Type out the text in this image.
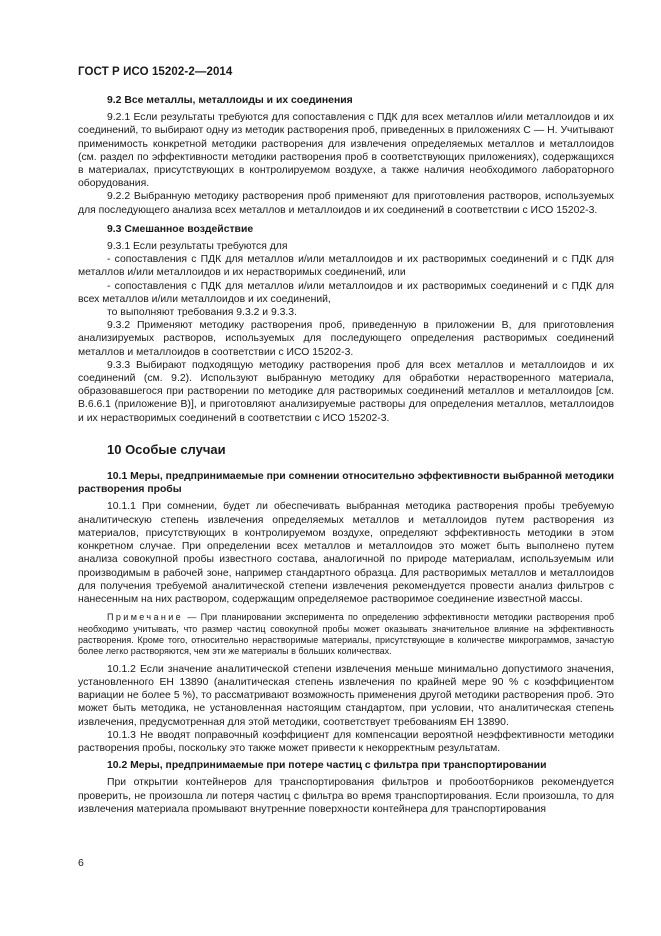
ГОСТ Р ИСО 15202-2—2014

9.2 Все металлы, металлоиды и их соединения

9.2.1 Если результаты требуются для сопоставления с ПДК для всех металлов и/или металлоидов и их соединений, то выбирают одну из методик растворения проб, приведенных в приложениях С — Н. Учитывают применимость конкретной методики растворения для извлечения определяемых металлов и металлоидов (см. раздел по эффективности методики растворения проб в соответствующих приложениях), содержащихся в материалах, присутствующих в контролируемом воздухе, а также наличия необходимого лабораторного оборудования.

9.2.2 Выбранную методику растворения проб применяют для приготовления растворов, используемых для последующего анализа всех металлов и металлоидов и их соединений в соответствии с ИСО 15202-3.

9.3 Смешанное воздействие

9.3.1 Если результаты требуются для

- сопоставления с ПДК для металлов и/или металлоидов и их растворимых соединений и с ПДК для металлов и/или металлоидов и их нерастворимых соединений, или

- сопоставления с ПДК для металлов и/или металлоидов и их растворимых соединений и с ПДК для всех металлов и/или металлоидов и их соединений,

то выполняют требования 9.3.2 и 9.3.3.

9.3.2 Применяют методику растворения проб, приведенную в приложении В, для приготовления анализируемых растворов, используемых для последующего определения растворимых соединений металлов и металлоидов в соответствии с ИСО 15202-3.

9.3.3 Выбирают подходящую методику растворения проб для всех металлов и металлоидов и их соединений (см. 9.2). Используют выбранную методику для обработки нерастворенного материала, образовавшегося при растворении по методике для растворимых соединений металлов и металлоидов [см. В.6.6.1 (приложение В)], и приготовляют анализируемые растворы для определения металлов, металлоидов и их нерастворимых соединений в соответствии с ИСО 15202-3.

10 Особые случаи

10.1 Меры, предпринимаемые при сомнении относительно эффективности выбранной методики растворения пробы

10.1.1 При сомнении, будет ли обеспечивать выбранная методика растворения пробы требуемую аналитическую степень извлечения определяемых металлов и металлоидов путем растворения из материалов, присутствующих в контролируемом воздухе, определяют эффективность методики в этом конкретном случае. При определении всех металлов и металлоидов это может быть выполнено путем анализа совокупной пробы известного состава, аналогичной по природе материалам, используемым или производимым в рабочей зоне, например стандартного образца. Для растворимых металлов и металлоидов для получения требуемой аналитической степени извлечения рекомендуется провести анализ фильтров с нанесенным на них раствором, содержащим определяемое растворимое соединение известной массы.

Примечание — При планировании эксперимента по определению эффективности методики растворения проб необходимо учитывать, что размер частиц совокупной пробы может оказывать значительное влияние на эффективность растворения. Кроме того, относительно нерастворимые материалы, присутствующие в количестве микрограммов, зачастую более легко растворяются, чем эти же материалы в больших количествах.

10.1.2 Если значение аналитической степени извлечения меньше минимально допустимого значения, установленного ЕН 13890 (аналитическая степень извлечения по крайней мере 90 % с коэффициентом вариации не более 5 %), то рассматривают возможность применения другой методики растворения проб. Это может быть методика, не установленная настоящим стандартом, при условии, что аналитическая степень извлечения, предусмотренная для этой методики, соответствует требованиям ЕН 13890.

10.1.3 Не вводят поправочный коэффициент для компенсации вероятной неэффективности методики растворения пробы, поскольку это также может привести к некорректным результатам.

10.2 Меры, предпринимаемые при потере частиц с фильтра при транспортировании

При открытии контейнеров для транспортирования фильтров и пробоотборников рекомендуется проверить, не произошла ли потеря частиц с фильтра во время транспортирования. Если произошла, то для извлечения материала промывают внутренние поверхности контейнера для транспортирования

6
